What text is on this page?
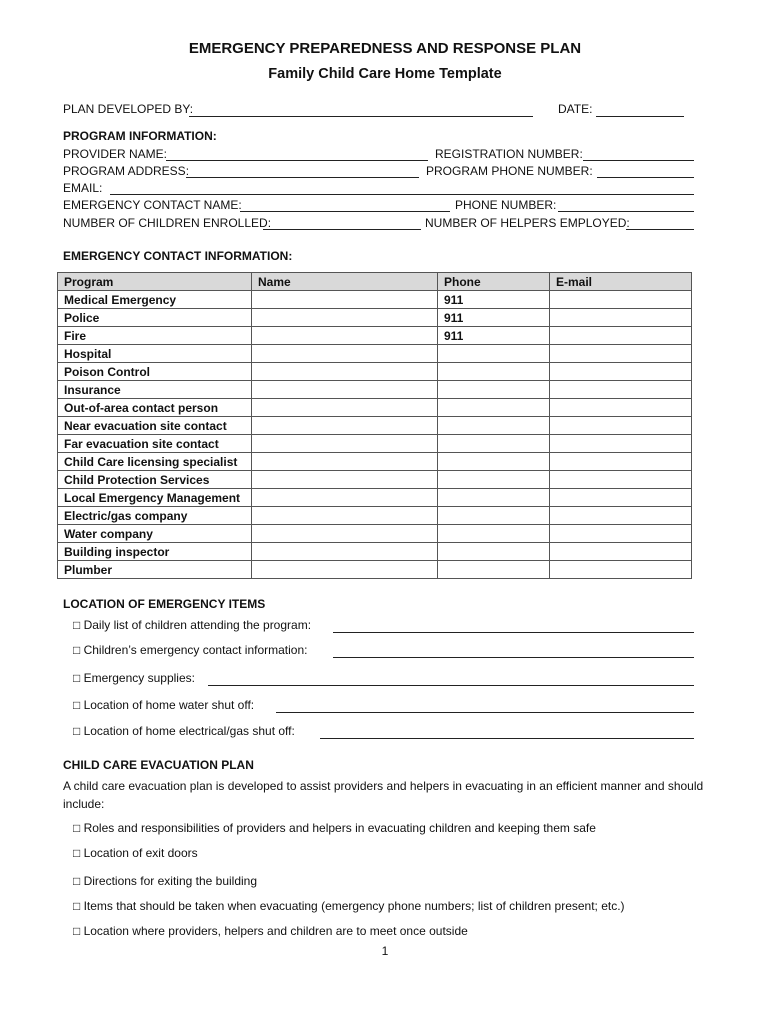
EMERGENCY PREPAREDNESS AND RESPONSE PLAN
Family Child Care Home Template
PLAN DEVELOPED BY:	DATE:
PROGRAM INFORMATION:
PROVIDER NAME:	REGISTRATION NUMBER:
PROGRAM ADDRESS:	PROGRAM PHONE NUMBER:
EMAIL:
EMERGENCY CONTACT NAME:	PHONE NUMBER:
NUMBER OF CHILDREN ENROLLED:	NUMBER OF HELPERS EMPLOYED:
EMERGENCY CONTACT INFORMATION:
Program	Name	Phone	E-mail
Medical Emergency		911	
Police		911	
Fire		911	
Hospital			
Poison Control			
Insurance			
Out-of-area contact person			
Near evacuation site contact			
Far evacuation site contact			
Child Care licensing specialist			
Child Protection Services			
Local Emergency Management			
Electric/gas company			
Water company			
Building inspector			
Plumber			
LOCATION OF EMERGENCY ITEMS
□ Daily list of children attending the program:
□ Children’s emergency contact information:
□ Emergency supplies:
□ Location of home water shut off:
□ Location of home electrical/gas shut off:
CHILD CARE EVACUATION PLAN
A child care evacuation plan is developed to assist providers and helpers in evacuating in an efficient manner and should include:
□ Roles and responsibilities of providers and helpers in evacuating children and keeping them safe
□ Location of exit doors
□ Directions for exiting the building
□ Items that should be taken when evacuating (emergency phone numbers; list of children present; etc.)
□ Location where providers, helpers and children are to meet once outside
1
